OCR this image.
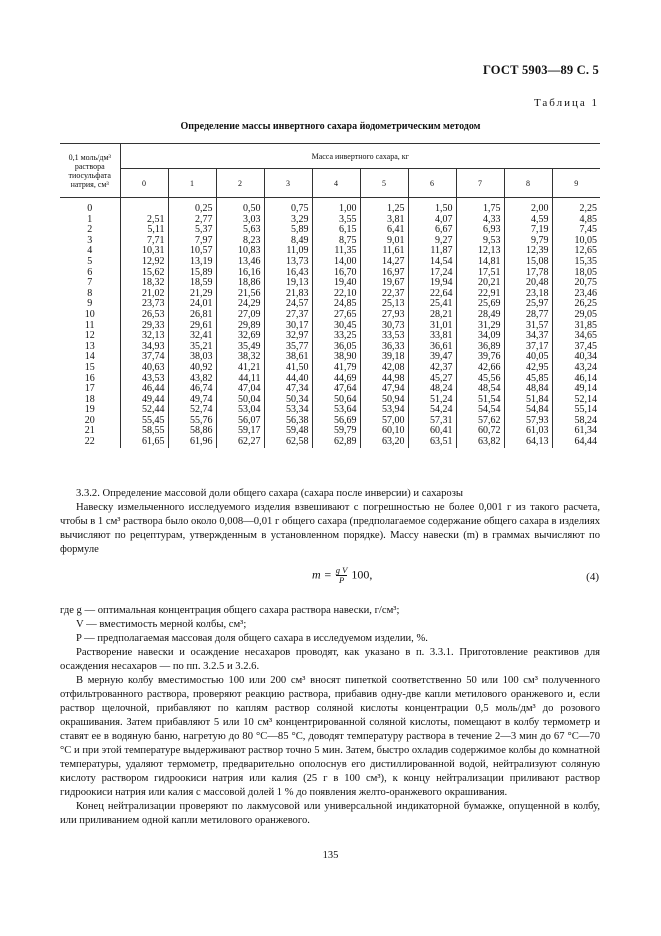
ГОСТ 5903—89 С. 5
Таблица 1
Определение массы инвертного сахара йодометрическим методом
0,1 моль/дм³ раствора тиосульфата натрия, см³	Масса инвертного сахара, кг									
	0	1	2	3	4	5	6	7	8	9

0		0,25	0,50	0,75	1,00	1,25	1,50	1,75	2,00	2,25
1	2,51	2,77	3,03	3,29	3,55	3,81	4,07	4,33	4,59	4,85
2	5,11	5,37	5,63	5,89	6,15	6,41	6,67	6,93	7,19	7,45
3	7,71	7,97	8,23	8,49	8,75	9,01	9,27	9,53	9,79	10,05
4	10,31	10,57	10,83	11,09	11,35	11,61	11,87	12,13	12,39	12,65
5	12,92	13,19	13,46	13,73	14,00	14,27	14,54	14,81	15,08	15,35
6	15,62	15,89	16,16	16,43	16,70	16,97	17,24	17,51	17,78	18,05
7	18,32	18,59	18,86	19,13	19,40	19,67	19,94	20,21	20,48	20,75
8	21,02	21,29	21,56	21,83	22,10	22,37	22,64	22,91	23,18	23,46
9	23,73	24,01	24,29	24,57	24,85	25,13	25,41	25,69	25,97	26,25
10	26,53	26,81	27,09	27,37	27,65	27,93	28,21	28,49	28,77	29,05
11	29,33	29,61	29,89	30,17	30,45	30,73	31,01	31,29	31,57	31,85
12	32,13	32,41	32,69	32,97	33,25	33,53	33,81	34,09	34,37	34,65
13	34,93	35,21	35,49	35,77	36,05	36,33	36,61	36,89	37,17	37,45
14	37,74	38,03	38,32	38,61	38,90	39,18	39,47	39,76	40,05	40,34
15	40,63	40,92	41,21	41,50	41,79	42,08	42,37	42,66	42,95	43,24
16	43,53	43,82	44,11	44,40	44,69	44,98	45,27	45,56	45,85	46,14
17	46,44	46,74	47,04	47,34	47,64	47,94	48,24	48,54	48,84	49,14
18	49,44	49,74	50,04	50,34	50,64	50,94	51,24	51,54	51,84	52,14
19	52,44	52,74	53,04	53,34	53,64	53,94	54,24	54,54	54,84	55,14
20	55,45	55,76	56,07	56,38	56,69	57,00	57,31	57,62	57,93	58,24
21	58,55	58,86	59,17	59,48	59,79	60,10	60,41	60,72	61,03	61,34
22	61,65	61,96	62,27	62,58	62,89	63,20	63,51	63,82	64,13	64,44

3.3.2. Определение массовой доли общего сахара (сахара после инверсии) и сахарозы

Навеску измельченного исследуемого изделия взвешивают с погрешностью не более 0,001 г из такого расчета, чтобы в 1 см³ раствора было около 0,008—0,01 г общего сахара (предполагаемое содержание общего сахара в изделиях вычисляют по рецептурам, утвержденным в установленном порядке). Массу навески (m) в граммах вычисляют по формуле

$m = \frac{\text{g V}}{P} 100$,	(4)

где g — оптимальная концентрация общего сахара раствора навески, г/см³;

V — вместимость мерной колбы, см³;

P — предполагаемая массовая доля общего сахара в исследуемом изделии, %.

Растворение навески и осаждение несахаров проводят, как указано в п. 3.3.1. Приготовление реактивов для осаждения несахаров — по пп. 3.2.5 и 3.2.6.

В мерную колбу вместимостью 100 или 200 см³ вносят пипеткой соответственно 50 или 100 см³ полученного отфильтрованного раствора, проверяют реакцию раствора, прибавив одну-две капли метилового оранжевого и, если раствор щелочной, прибавляют по каплям раствор соляной кислоты концентрации 0,5 моль/дм³ до розового окрашивания. Затем прибавляют 5 или 10 см³ концентрированной соляной кислоты, помещают в колбу термометр и ставят ее в водяную баню, нагретую до 80 °С—85 °С, доводят температуру раствора в течение 2—3 мин до 67 °С—70 °С и при этой температуре выдерживают раствор точно 5 мин. Затем, быстро охладив содержимое колбы до комнатной температуры, удаляют термометр, предварительно ополоснув его дистиллированной водой, нейтрализуют соляную кислоту раствором гидроокиси натрия или калия (25 г в 100 см³), к концу нейтрализации приливают раствор гидроокиси натрия или калия с массовой долей 1 % до появления желто-оранжевого окрашивания.

Конец нейтрализации проверяют по лакмусовой или универсальной индикаторной бумажке, опущенной в колбу, или приливанием одной капли метилового оранжевого.

135
